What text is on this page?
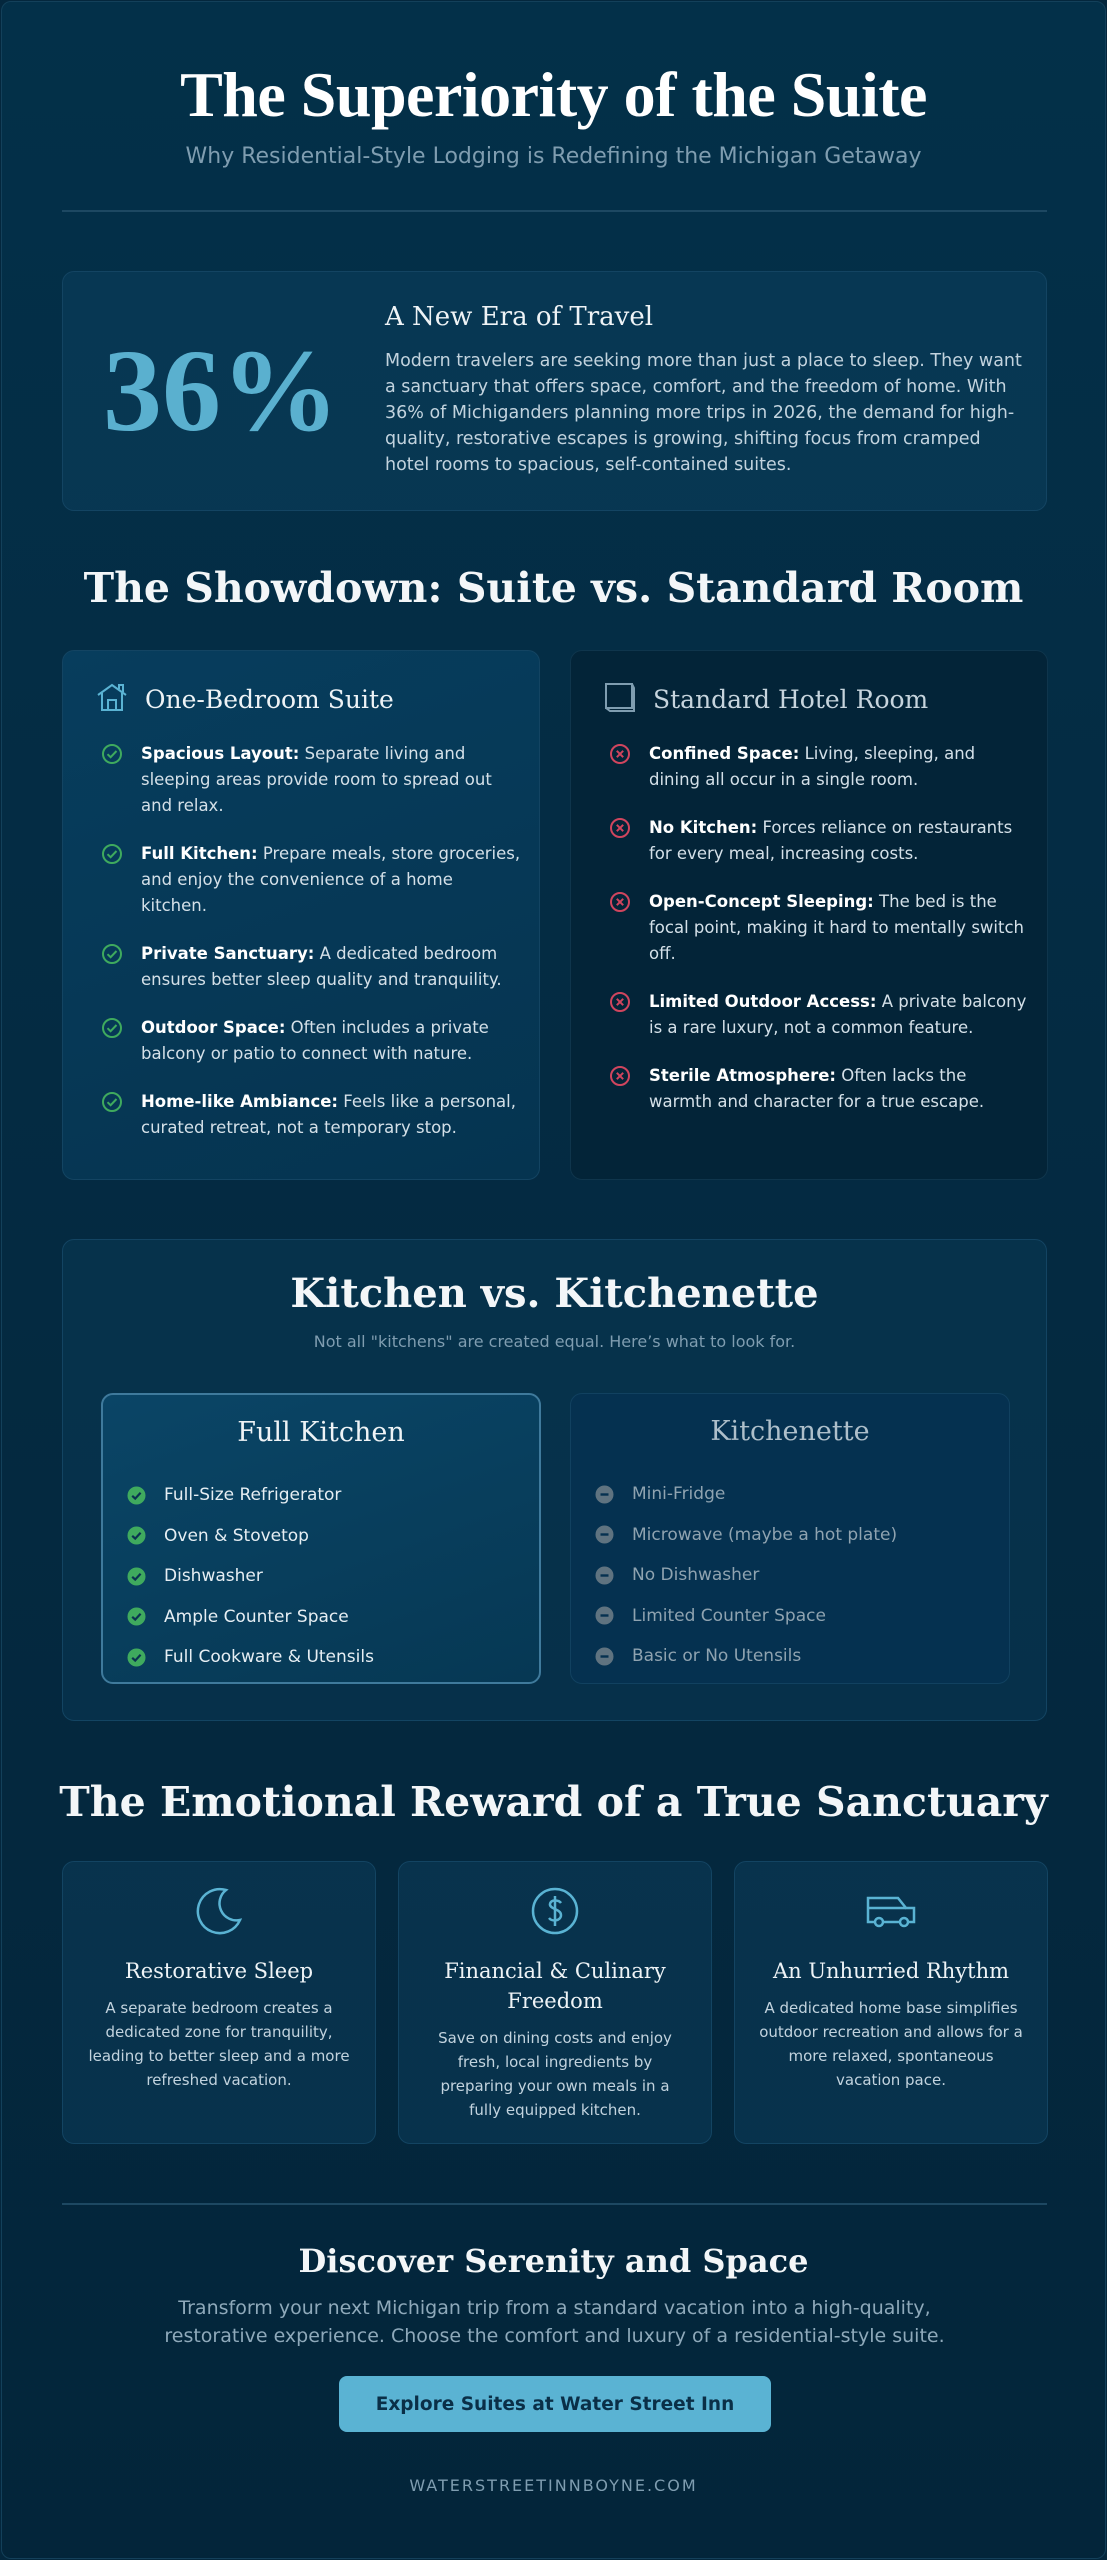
The Superiority of the Suite
Why Residential-Style Lodging is Redefining the Michigan Getaway
36%
A New Era of Travel
Modern travelers are seeking more than just a place to sleep. They want a sanctuary that offers space, comfort, and the freedom of home. With 36% of Michiganders planning more trips in 2026, the demand for high-quality, restorative escapes is growing, shifting focus from cramped hotel rooms to spacious, self-contained suites.
The Showdown: Suite vs. Standard Room
One-Bedroom Suite
Spacious Layout: Separate living and sleeping areas provide room to spread out and relax.
Full Kitchen: Prepare meals, store groceries, and enjoy the convenience of a home kitchen.
Private Sanctuary: A dedicated bedroom ensures better sleep quality and tranquility.
Outdoor Space: Often includes a private balcony or patio to connect with nature.
Home-like Ambiance: Feels like a personal, curated retreat, not a temporary stop.
Standard Hotel Room
Confined Space: Living, sleeping, and dining all occur in a single room.
No Kitchen: Forces reliance on restaurants for every meal, increasing costs.
Open-Concept Sleeping: The bed is the focal point, making it hard to mentally switch off.
Limited Outdoor Access: A private balcony is a rare luxury, not a common feature.
Sterile Atmosphere: Often lacks the warmth and character for a true escape.
Kitchen vs. Kitchenette
Not all "kitchens" are created equal. Here’s what to look for.
Full Kitchen
Full-Size Refrigerator
Oven & Stovetop
Dishwasher
Ample Counter Space
Full Cookware & Utensils
Kitchenette
Mini-Fridge
Microwave (maybe a hot plate)
No Dishwasher
Limited Counter Space
Basic or No Utensils
The Emotional Reward of a True Sanctuary
Restorative Sleep
A separate bedroom creates a dedicated zone for tranquility, leading to better sleep and a more refreshed vacation.
Financial & Culinary Freedom
Save on dining costs and enjoy fresh, local ingredients by preparing your own meals in a fully equipped kitchen.
An Unhurried Rhythm
A dedicated home base simplifies outdoor recreation and allows for a more relaxed, spontaneous vacation pace.
Discover Serenity and Space

Transform your next Michigan trip from a standard vacation into a high-quality, restorative experience. Choose the comfort and luxury of a residential-style suite.

Explore Suites at Water Street Inn
WATERSTREETINNBOYNE.COM
